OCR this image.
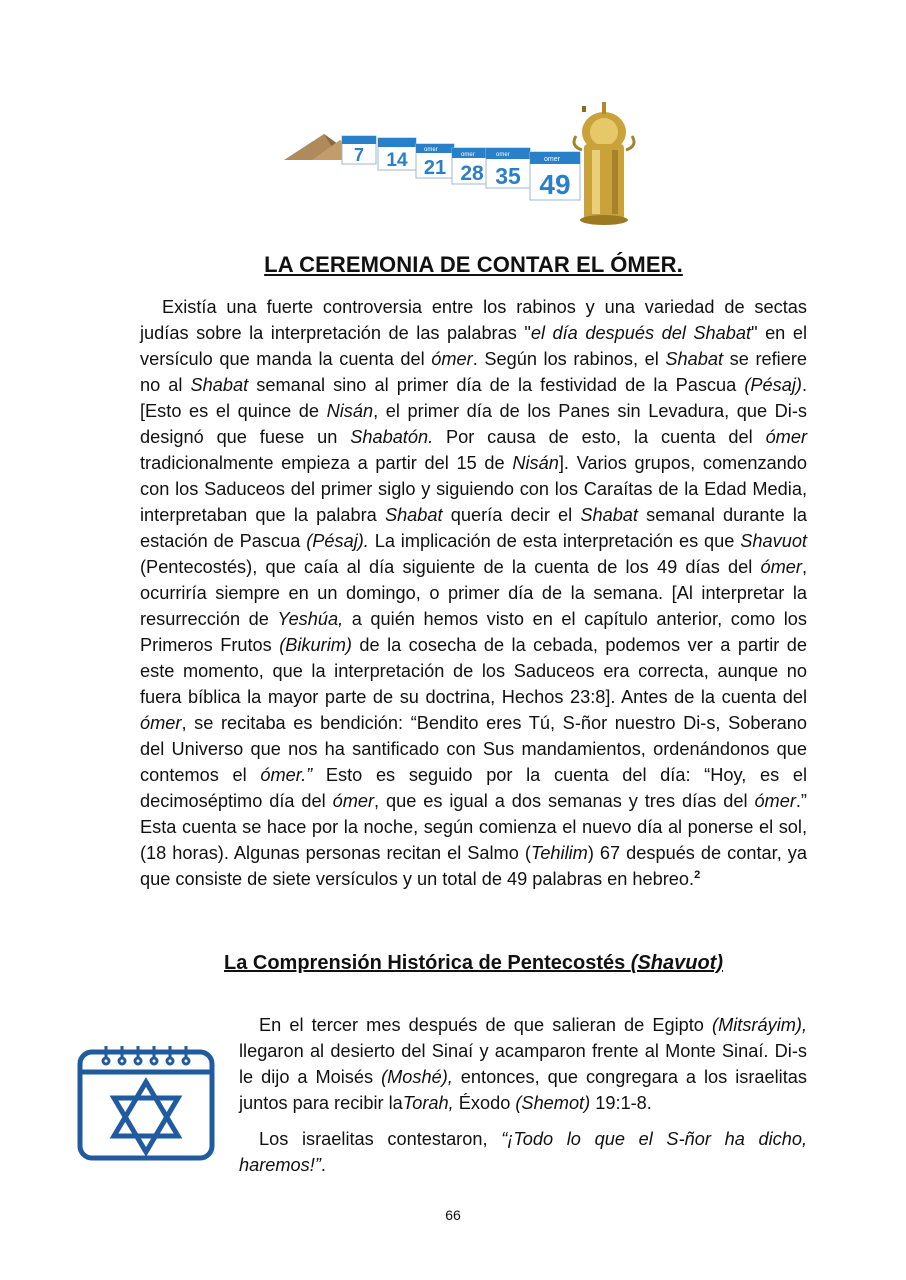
7 14	omer
21
omer
28
omer
35
omer
49
LA CEREMONIA DE CONTAR EL ÓMER.

Existía una fuerte controversia entre los rabinos y una variedad de sectas judías sobre la interpretación de las palabras "el día después del Shabat" en el versículo que manda la cuenta del ómer. Según los rabinos, el Shabat se refiere no al Shabat semanal sino al primer día de la festividad de la Pascua (Pésaj). [Esto es el quince de Nisán, el primer día de los Panes sin Levadura, que Di-s designó que fuese un Shabatón. Por causa de esto, la cuenta del ómer tradicionalmente empieza a partir del 15 de Nisán]. Varios grupos, comenzando con los Saduceos del primer siglo y siguiendo con los Caraítas de la Edad Media, interpretaban que la palabra Shabat quería decir el Shabat semanal durante la estación de Pascua (Pésaj). La implicación de esta interpretación es que Shavuot (Pentecostés), que caía al día siguiente de la cuenta de los 49 días del ómer, ocurriría siempre en un domingo, o primer día de la semana. [Al interpretar la resurrección de Yeshúa, a quién hemos visto en el capítulo anterior, como los Primeros Frutos (Bikurim) de la cosecha de la cebada, podemos ver a partir de este momento, que la interpretación de los Saduceos era correcta, aunque no fuera bíblica la mayor parte de su doctrina, Hechos 23:8]. Antes de la cuenta del ómer, se recitaba es bendición: “Bendito eres Tú, S-ñor nuestro Di-s, Soberano del Universo que nos ha santificado con Sus mandamientos, ordenándonos que contemos el ómer.” Esto es seguido por la cuenta del día: “Hoy, es el decimoséptimo día del ómer, que es igual a dos semanas y tres días del ómer.” Esta cuenta se hace por la noche, según comienza el nuevo día al ponerse el sol, (18 horas). Algunas personas recitan el Salmo (Tehilim) 67 después de contar, ya que consiste de siete versículos y un total de 49 palabras en hebreo.$^2$

La Comprensión Histórica de Pentecostés (Shavuot)

En el tercer mes después de que salieran de Egipto (Mitsráyim), llegaron al desierto del Sinaí y acamparon frente al Monte Sinaí. Di-s le dijo a Moisés (Moshé), entonces, que congregara a los israelitas juntos para recibir laTorah, Éxodo (Shemot) 19:1-8.

Los israelitas contestaron, “¡Todo lo que el S-ñor ha dicho, haremos!”.

66
